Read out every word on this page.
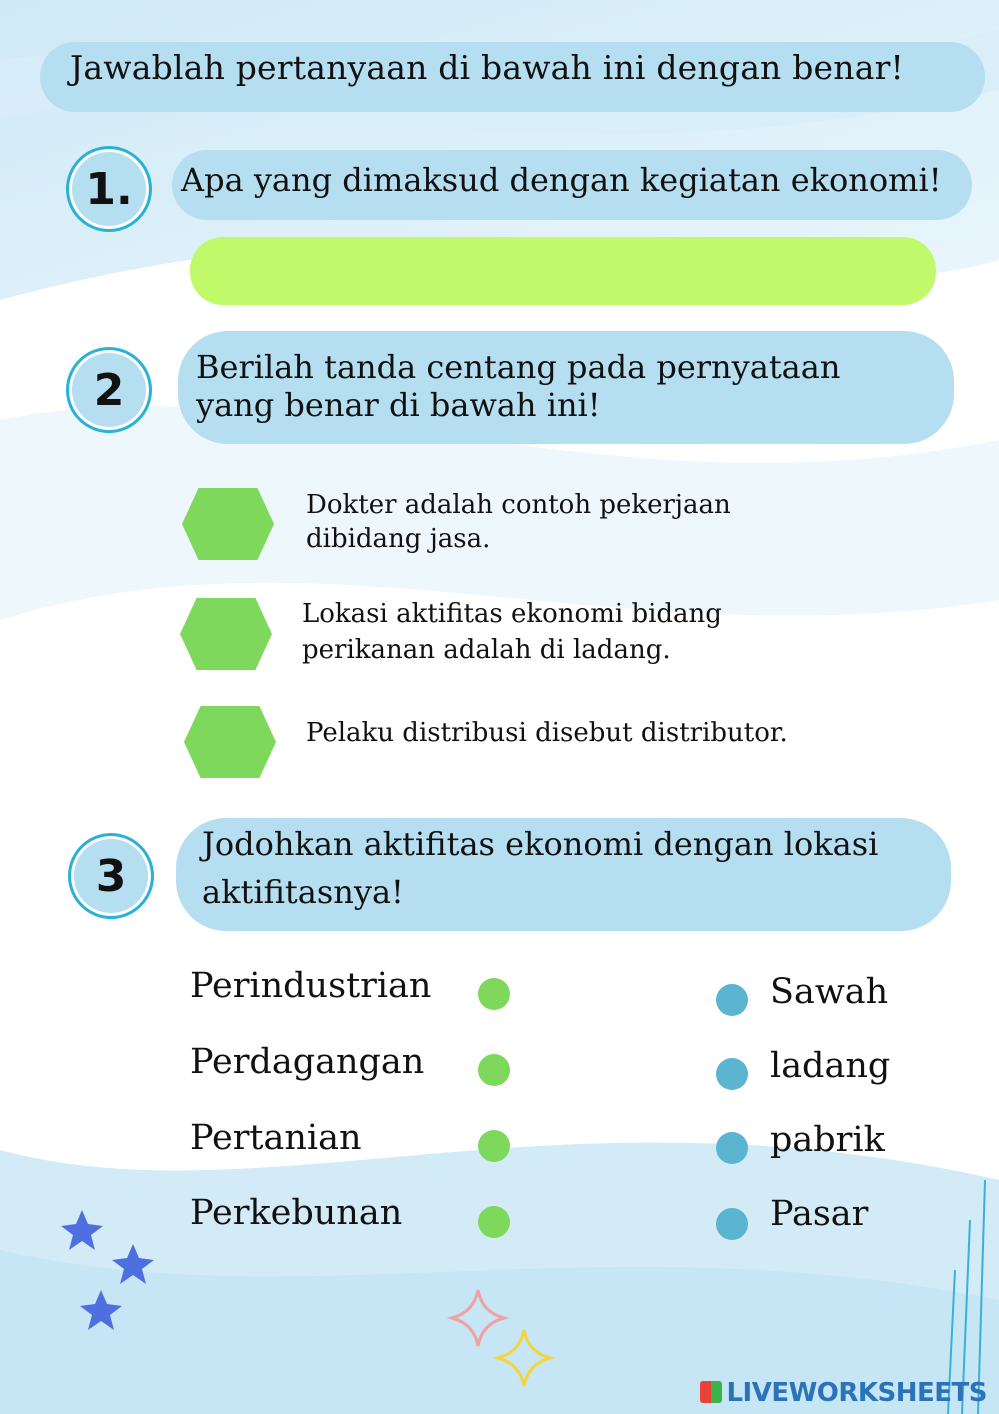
Jawablah pertanyaan di bawah ini dengan benar!
1.	Apa yang dimaksud dengan kegiatan ekonomi!
2	Berilah tanda centang pada pernyataan
yang benar di bawah ini!
Dokter adalah contoh pekerjaan
dibidang jasa.
Lokasi aktifitas ekonomi bidang
perikanan adalah di ladang.
Pelaku distribusi disebut distributor.
3
Jodohkan aktifitas ekonomi dengan lokasi
aktifitasnya!
Perindustrian
Perdagangan
Pertanian
Perkebunan
Sawah
ladang
pabrik
Pasar
LIVEWORKSHEETS
